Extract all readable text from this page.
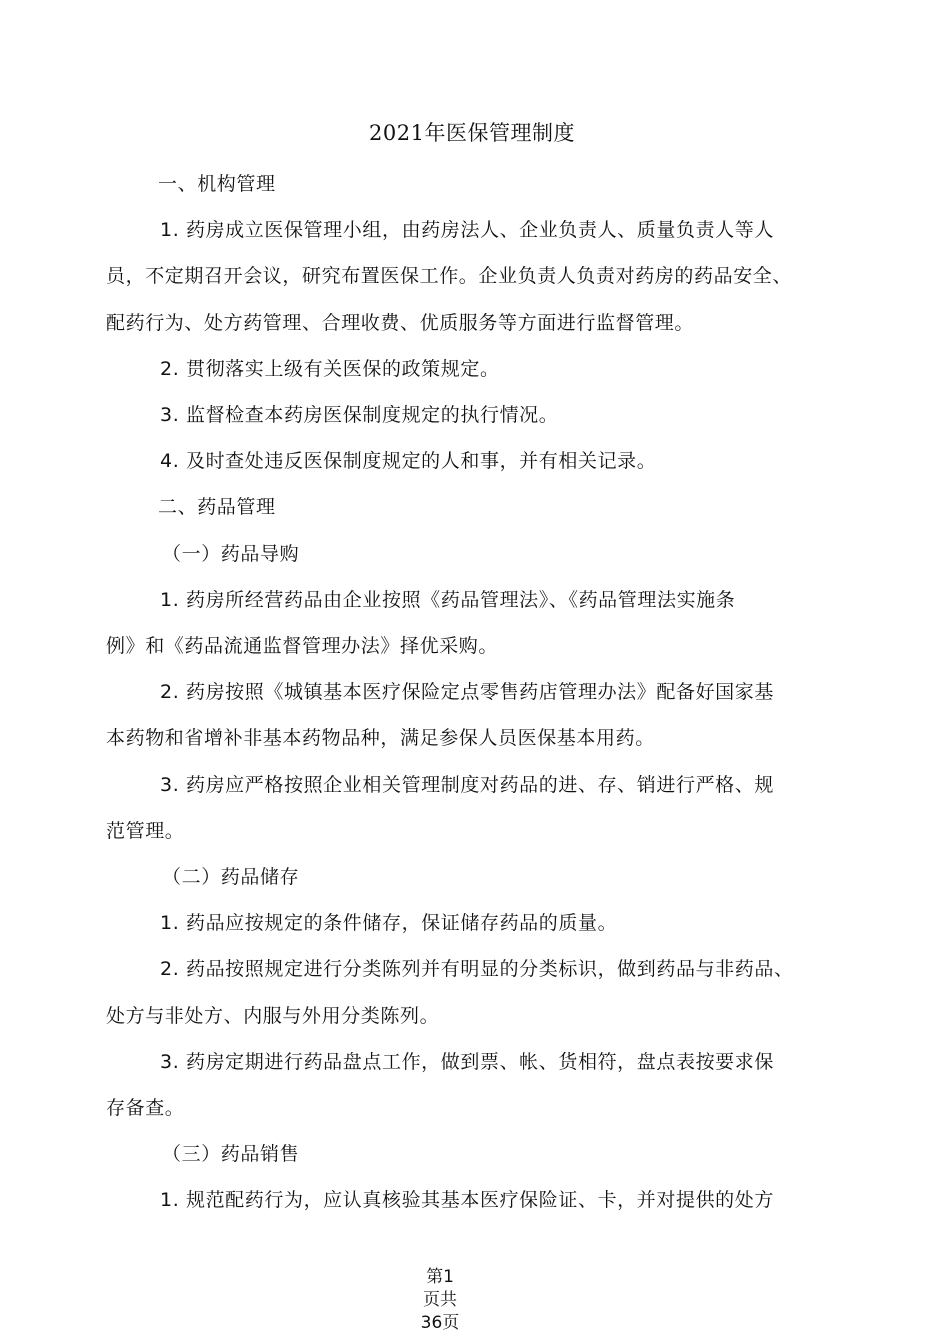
2021年医保管理制度

一、机构管理

1. 药房成立医保管理小组，由药房法人、企业负责人、质量负责人等人

员，不定期召开会议，研究布置医保工作。企业负责人负责对药房的药品安全、

配药行为、处方药管理、合理收费、优质服务等方面进行监督管理。

2. 贯彻落实上级有关医保的政策规定。

3. 监督检查本药房医保制度规定的执行情况。

4. 及时查处违反医保制度规定的人和事，并有相关记录。

二、药品管理

（一）药品导购

1. 药房所经营药品由企业按照《药品管理法》、《药品管理法实施条

例》和《药品流通监督管理办法》择优采购。

2. 药房按照《城镇基本医疗保险定点零售药店管理办法》配备好国家基

本药物和省增补非基本药物品种，满足参保人员医保基本用药。

3. 药房应严格按照企业相关管理制度对药品的进、存、销进行严格、规

范管理。

（二）药品储存

1. 药品应按规定的条件储存，保证储存药品的质量。

2. 药品按照规定进行分类陈列并有明显的分类标识，做到药品与非药品、

处方与非处方、内服与外用分类陈列。

3. 药房定期进行药品盘点工作，做到票、帐、货相符，盘点表按要求保

存备查。

（三）药品销售

1. 规范配药行为，应认真核验其基本医疗保险证、卡，并对提供的处方

第1
页共
36页
